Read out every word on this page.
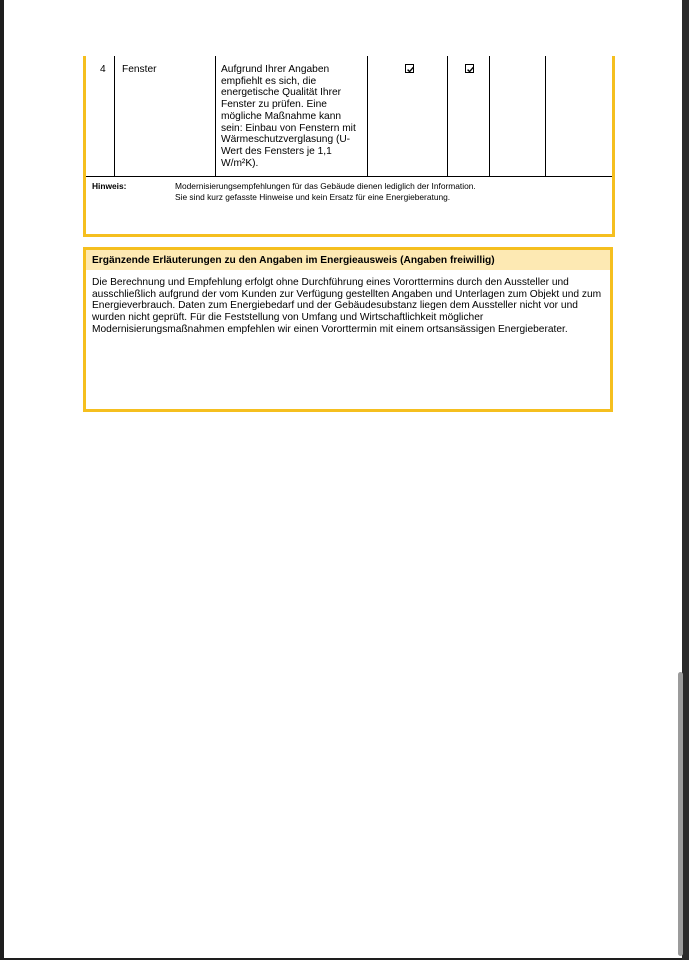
4 Fenster	Aufgrund Ihrer Angaben
empfiehlt es sich, die
energetische Qualität Ihrer
Fenster zu prüfen. Eine
mögliche Maßnahme kann
sein: Einbau von Fenstern mit
Wärmeschutzverglasung (U-
Wert des Fensters je 1,1
W/m²K).
Hinweis:	Modernisierungsempfehlungen für das Gebäude dienen lediglich der Information.
Sie sind kurz gefasste Hinweise und kein Ersatz für eine Energieberatung.
Ergänzende Erläuterungen zu den Angaben im Energieausweis (Angaben freiwillig)
Die Berechnung und Empfehlung erfolgt ohne Durchführung eines Vororttermins durch den Aussteller und
ausschließlich aufgrund der vom Kunden zur Verfügung gestellten Angaben und Unterlagen zum Objekt und zum
Energieverbrauch. Daten zum Energiebedarf und der Gebäudesubstanz liegen dem Aussteller nicht vor und
wurden nicht geprüft. Für die Feststellung von Umfang und Wirtschaftlichkeit möglicher
Modernisierungsmaßnahmen empfehlen wir einen Vororttermin mit einem ortsansässigen Energieberater.
